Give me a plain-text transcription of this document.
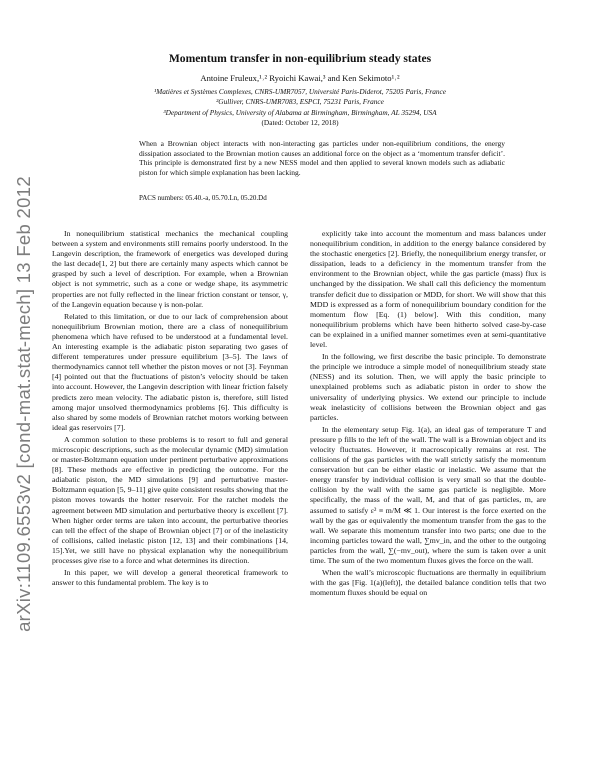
arXiv:1109.6553v2 [cond-mat.stat-mech] 13 Feb 2012
Momentum transfer in non-equilibrium steady states
Antoine Fruleux,¹˒² Ryoichi Kawai,³ and Ken Sekimoto¹˒²
¹Matières et Systèmes Complexes, CNRS-UMR7057, Université Paris-Diderot, 75205 Paris, France
²Gulliver, CNRS-UMR7083, ESPCI, 75231 Paris, France
³Department of Physics, University of Alabama at Birmingham, Birmingham, AL 35294, USA
(Dated: October 12, 2018)
When a Brownian object interacts with non-interacting gas particles under non-equilibrium conditions, the energy dissipation associated to the Brownian motion causes an additional force on the object as a ‘momentum transfer deficit’. This principle is demonstrated first by a new NESS model and then applied to several known models such as adiabatic piston for which simple explanation has been lacking.
PACS numbers: 05.40.-a, 05.70.Ln, 05.20.Dd

In nonequilibrium statistical mechanics the mechanical coupling between a system and environments still remains poorly understood. In the Langevin description, the framework of energetics was developed during the last decade[1, 2] but there are certainly many aspects which cannot be grasped by such a level of description. For example, when a Brownian object is not symmetric, such as a cone or wedge shape, its asymmetric properties are not fully reflected in the linear friction constant or tensor, γ, of the Langevin equation because γ is non-polar.

Related to this limitation, or due to our lack of comprehension about nonequilibrium Brownian motion, there are a class of nonequilibrium phenomena which have refused to be understood at a fundamental level. An interesting example is the adiabatic piston separating two gases of different temperatures under pressure equilibrium [3–5]. The laws of thermodynamics cannot tell whether the piston moves or not [3]. Feynman [4] pointed out that the fluctuations of piston’s velocity should be taken into account. However, the Langevin description with linear friction falsely predicts zero mean velocity. The adiabatic piston is, therefore, still listed among major unsolved thermodynamics problems [6]. This difficulty is also shared by some models of Brownian ratchet motors working between ideal gas reservoirs [7].

A common solution to these problems is to resort to full and general microscopic descriptions, such as the molecular dynamic (MD) simulation or master-Boltzmann equation under pertinent perturbative approximations [8]. These methods are effective in predicting the outcome. For the adiabatic piston, the MD simulations [9] and perturbative master-Boltzmann equation [5, 9–11] give quite consistent results showing that the piston moves towards the hotter reservoir. For the ratchet models the agreement between MD simulation and perturbative theory is excellent [7]. When higher order terms are taken into account, the perturbative theories can tell the effect of the shape of Brownian object [7] or of the inelasticity of collisions, called inelastic piston [12, 13] and their combinations [14, 15].Yet, we still have no physical explanation why the nonequilibrium processes give rise to a force and what determines its direction.

In this paper, we will develop a general theoretical framework to answer to this fundamental problem. The key is to

explicitly take into account the momentum and mass balances under nonequilibrium condition, in addition to the energy balance considered by the stochastic energetics [2]. Briefly, the nonequilibrium energy transfer, or dissipation, leads to a deficiency in the momentum transfer from the environment to the Brownian object, while the gas particle (mass) flux is unchanged by the dissipation. We shall call this deficiency the momentum transfer deficit due to dissipation or MDD, for short. We will show that this MDD is expressed as a form of nonequilibrium boundary condition for the momentum flow [Eq. (1) below]. With this condition, many nonequilibrium problems which have been hitherto solved case-by-case can be explained in a unified manner sometimes even at semi-quantitative level.

In the following, we first describe the basic principle. To demonstrate the principle we introduce a simple model of nonequilibrium steady state (NESS) and its solution. Then, we will apply the basic principle to unexplained problems such as adiabatic piston in order to show the universality of underlying physics. We extend our principle to include weak inelasticity of collisions between the Brownian object and gas particles.

In the elementary setup Fig. 1(a), an ideal gas of temperature T and pressure p fills to the left of the wall. The wall is a Brownian object and its velocity fluctuates. However, it macroscopically remains at rest. The collisions of the gas particles with the wall strictly satisfy the momentum conservation but can be either elastic or inelastic. We assume that the energy transfer by individual collision is very small so that the double-collision by the wall with the same gas particle is negligible. More specifically, the mass of the wall, M, and that of gas particles, m, are assumed to satisfy ε² ≡ m/M ≪ 1. Our interest is the force exerted on the wall by the gas or equivalently the momentum transfer from the gas to the wall. We separate this momentum transfer into two parts; one due to the incoming particles toward the wall, ∑mv_in, and the other to the outgoing particles from the wall, ∑(−mv_out), where the sum is taken over a unit time. The sum of the two momentum fluxes gives the force on the wall.

When the wall’s microscopic fluctuations are thermally in equilibrium with the gas [Fig. 1(a)(left)], the detailed balance condition tells that two momentum fluxes should be equal on
